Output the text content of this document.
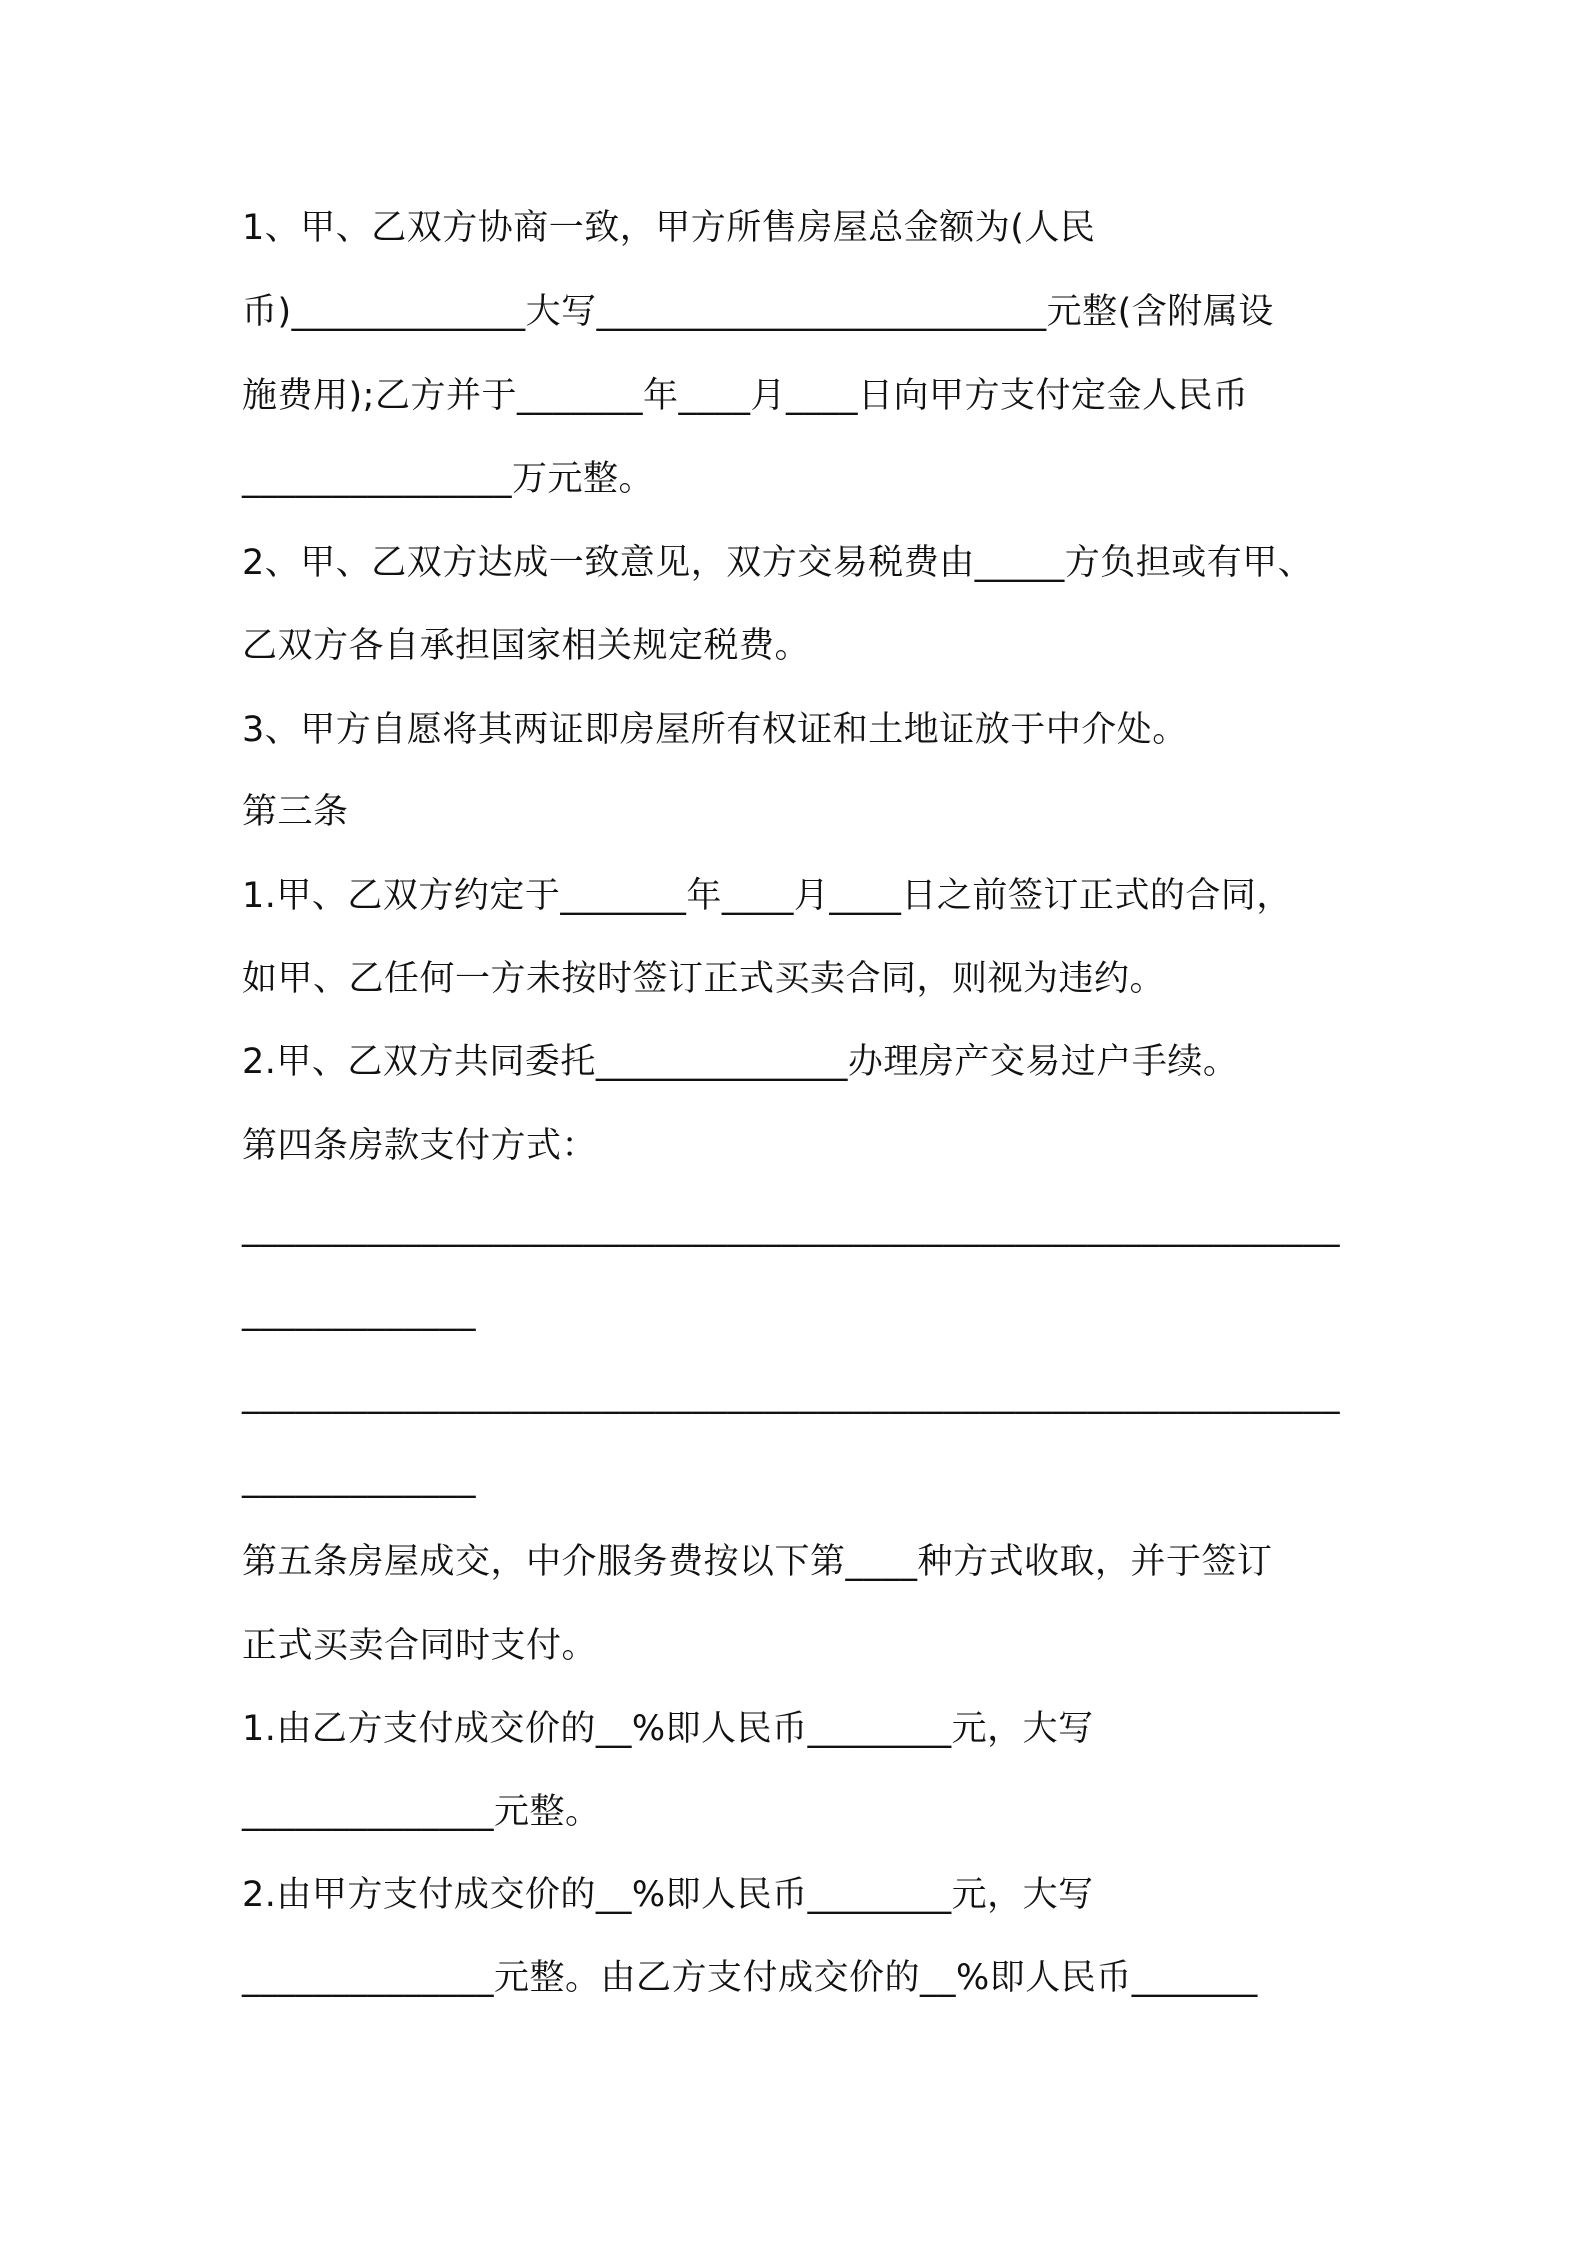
1、甲、乙双方协商一致，甲方所售房屋总金额为(人民

币)_____________大写_________________________元整(含附属设

施费用);乙方并于_______年____月____日向甲方支付定金人民币

_______________万元整。

2、甲、乙双方达成一致意见，双方交易税费由_____方负担或有甲、

乙双方各自承担国家相关规定税费。

3、甲方自愿将其两证即房屋所有权证和土地证放于中介处。

第三条

1.甲、乙双方约定于_______年____月____日之前签订正式的合同，

如甲、乙任何一方未按时签订正式买卖合同，则视为违约。

2.甲、乙双方共同委托______________办理房产交易过户手续。

第四条房款支付方式：

_____________________________________________________________

_____________

_____________________________________________________________

_____________

第五条房屋成交，中介服务费按以下第____种方式收取，并于签订

正式买卖合同时支付。

1.由乙方支付成交价的__%即人民币________元，大写

______________元整。

2.由甲方支付成交价的__%即人民币________元，大写

______________元整。由乙方支付成交价的__%即人民币_______
